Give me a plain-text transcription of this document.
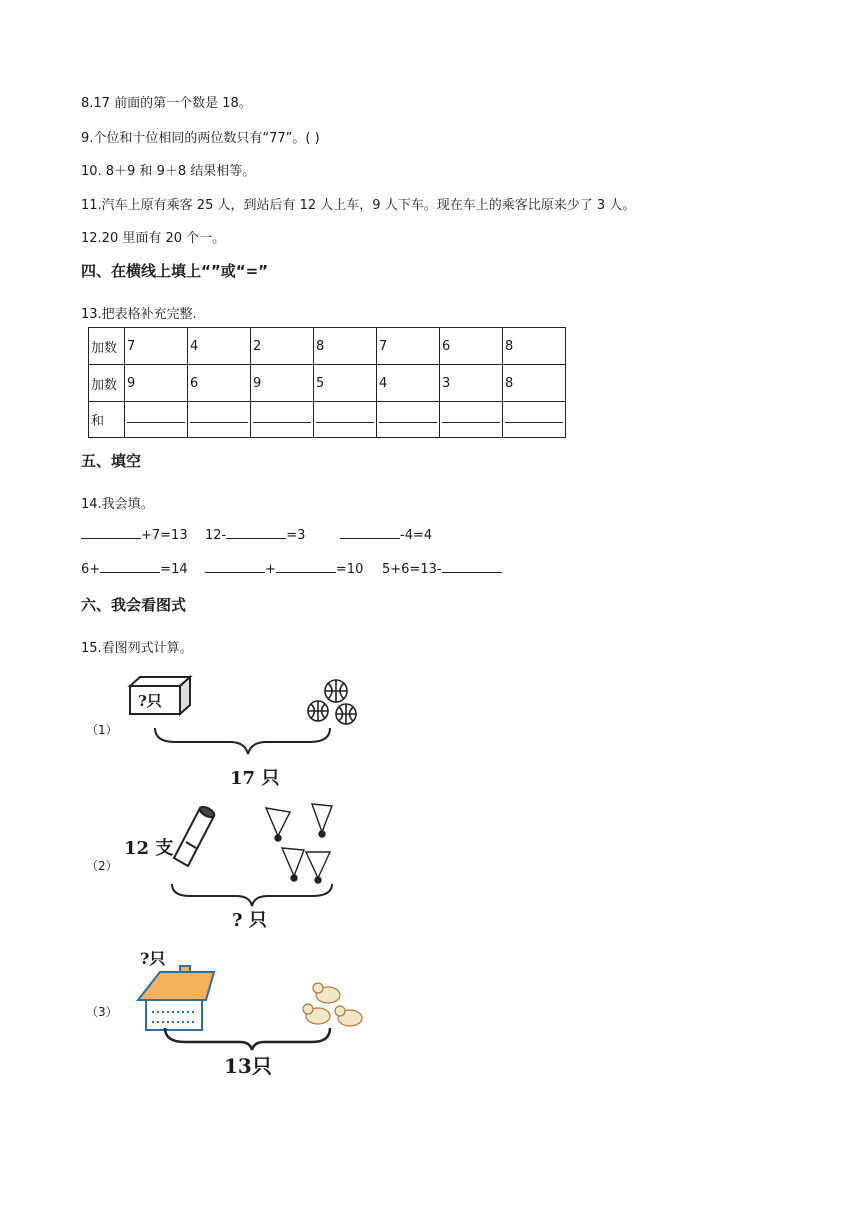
8.17 前面的第一个数是 18。
9.个位和十位相同的两位数只有“77”。( )
10. 8＋9 和 9＋8 结果相等。
11.汽车上原有乘客 25 人，到站后有 12 人上车，9 人下车。现在车上的乘客比原来少了 3 人。
12.20 里面有 20 个一。
四、在横线上填上“”或“=”
13.把表格补充完整.
加数	7	4	2	8	7	6	8
加数	9	6	9	5	4	3	8
和							
五、填空
14.我会填。
+7=13 12-	=3	-4=4
6+	=14	+	=10 5+6=13-
六、我会看图式
15.看图列式计算。
（1）
?只
17 只
（2）
12 支
? 只
（3）
?只
13只
